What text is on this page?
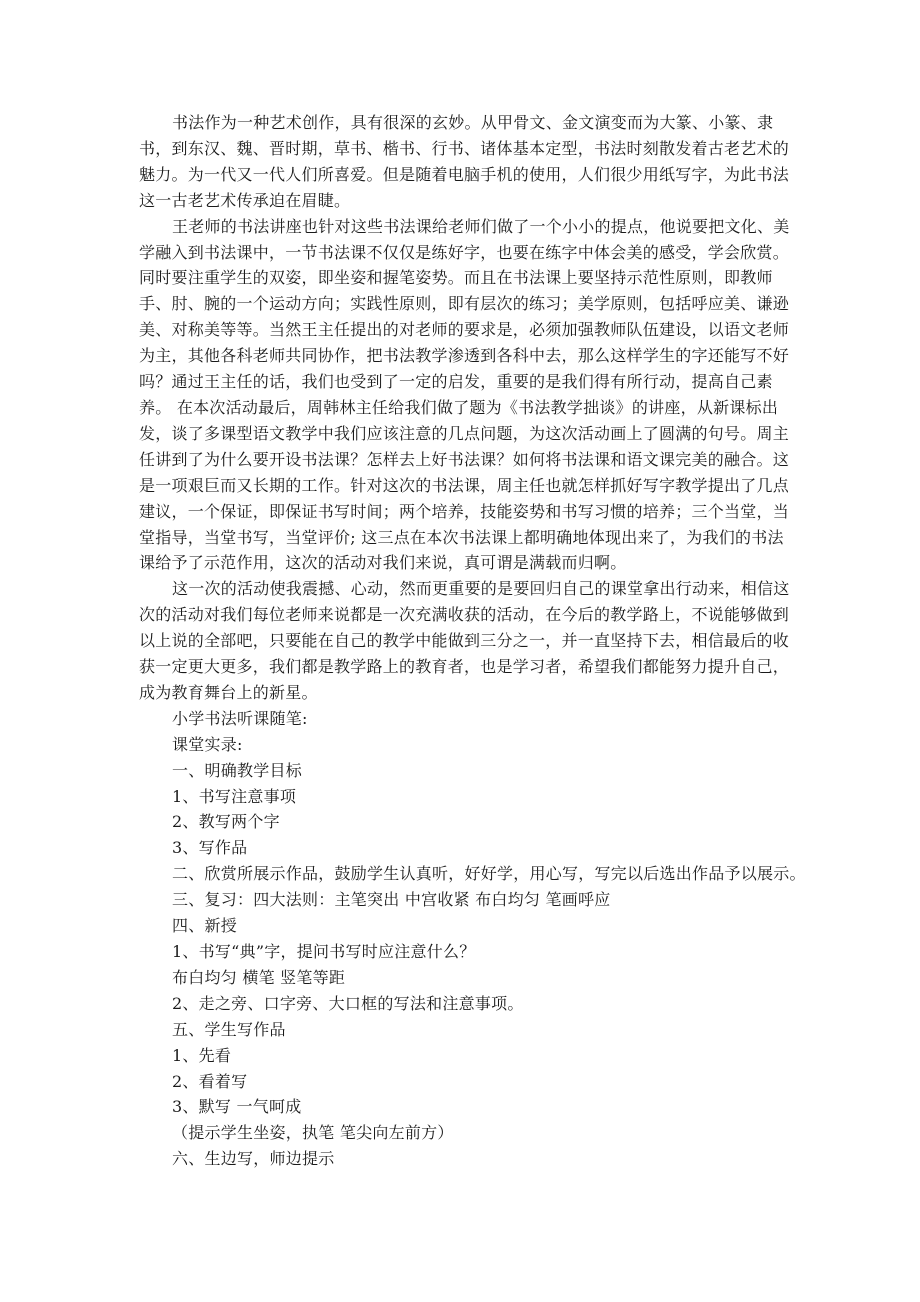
书法作为一种艺术创作，具有很深的玄妙。从甲骨文、金文演变而为大篆、小篆、隶书，到东汉、魏、晋时期，草书、楷书、行书、诸体基本定型，书法时刻散发着古老艺术的魅力。为一代又一代人们所喜爱。但是随着电脑手机的使用，人们很少用纸写字，为此书法这一古老艺术传承迫在眉睫。

王老师的书法讲座也针对这些书法课给老师们做了一个小小的提点，他说要把文化、美学融入到书法课中，一节书法课不仅仅是练好字，也要在练字中体会美的感受，学会欣赏。同时要注重学生的双姿，即坐姿和握笔姿势。而且在书法课上要坚持示范性原则，即教师手、肘、腕的一个运动方向；实践性原则，即有层次的练习；美学原则，包括呼应美、谦逊美、对称美等等。当然王主任提出的对老师的要求是，必须加强教师队伍建设，以语文老师为主，其他各科老师共同协作，把书法教学渗透到各科中去，那么这样学生的字还能写不好吗？通过王主任的话，我们也受到了一定的启发，重要的是我们得有所行动，提高自己素养。 在本次活动最后，周韩林主任给我们做了题为《书法教学拙谈》的讲座，从新课标出发，谈了多课型语文教学中我们应该注意的几点问题，为这次活动画上了圆满的句号。周主任讲到了为什么要开设书法课？怎样去上好书法课？如何将书法课和语文课完美的融合。这是一项艰巨而又长期的工作。针对这次的书法课，周主任也就怎样抓好写字教学提出了几点建议，一个保证，即保证书写时间；两个培养，技能姿势和书写习惯的培养；三个当堂，当堂指导，当堂书写，当堂评价; 这三点在本次书法课上都明确地体现出来了，为我们的书法课给予了示范作用，这次的活动对我们来说，真可谓是满载而归啊。

这一次的活动使我震撼、心动，然而更重要的是要回归自己的课堂拿出行动来，相信这次的活动对我们每位老师来说都是一次充满收获的活动，在今后的教学路上，不说能够做到以上说的全部吧，只要能在自己的教学中能做到三分之一，并一直坚持下去，相信最后的收获一定更大更多，我们都是教学路上的教育者，也是学习者，希望我们都能努力提升自己，成为教育舞台上的新星。

小学书法听课随笔:

课堂实录:

一、明确教学目标

1、书写注意事项

2、教写两个字

3、写作品

二、欣赏所展示作品，鼓励学生认真听，好好学，用心写，写完以后选出作品予以展示。

三、复习：四大法则：主笔突出 中宫收紧 布白均匀 笔画呼应

四、新授

1、书写“典”字，提问书写时应注意什么？

布白均匀 横笔 竖笔等距

2、走之旁、口字旁、大口框的写法和注意事项。

五、学生写作品

1、先看

2、看着写

3、默写 一气呵成

（提示学生坐姿，执笔 笔尖向左前方）

六、生边写，师边提示
